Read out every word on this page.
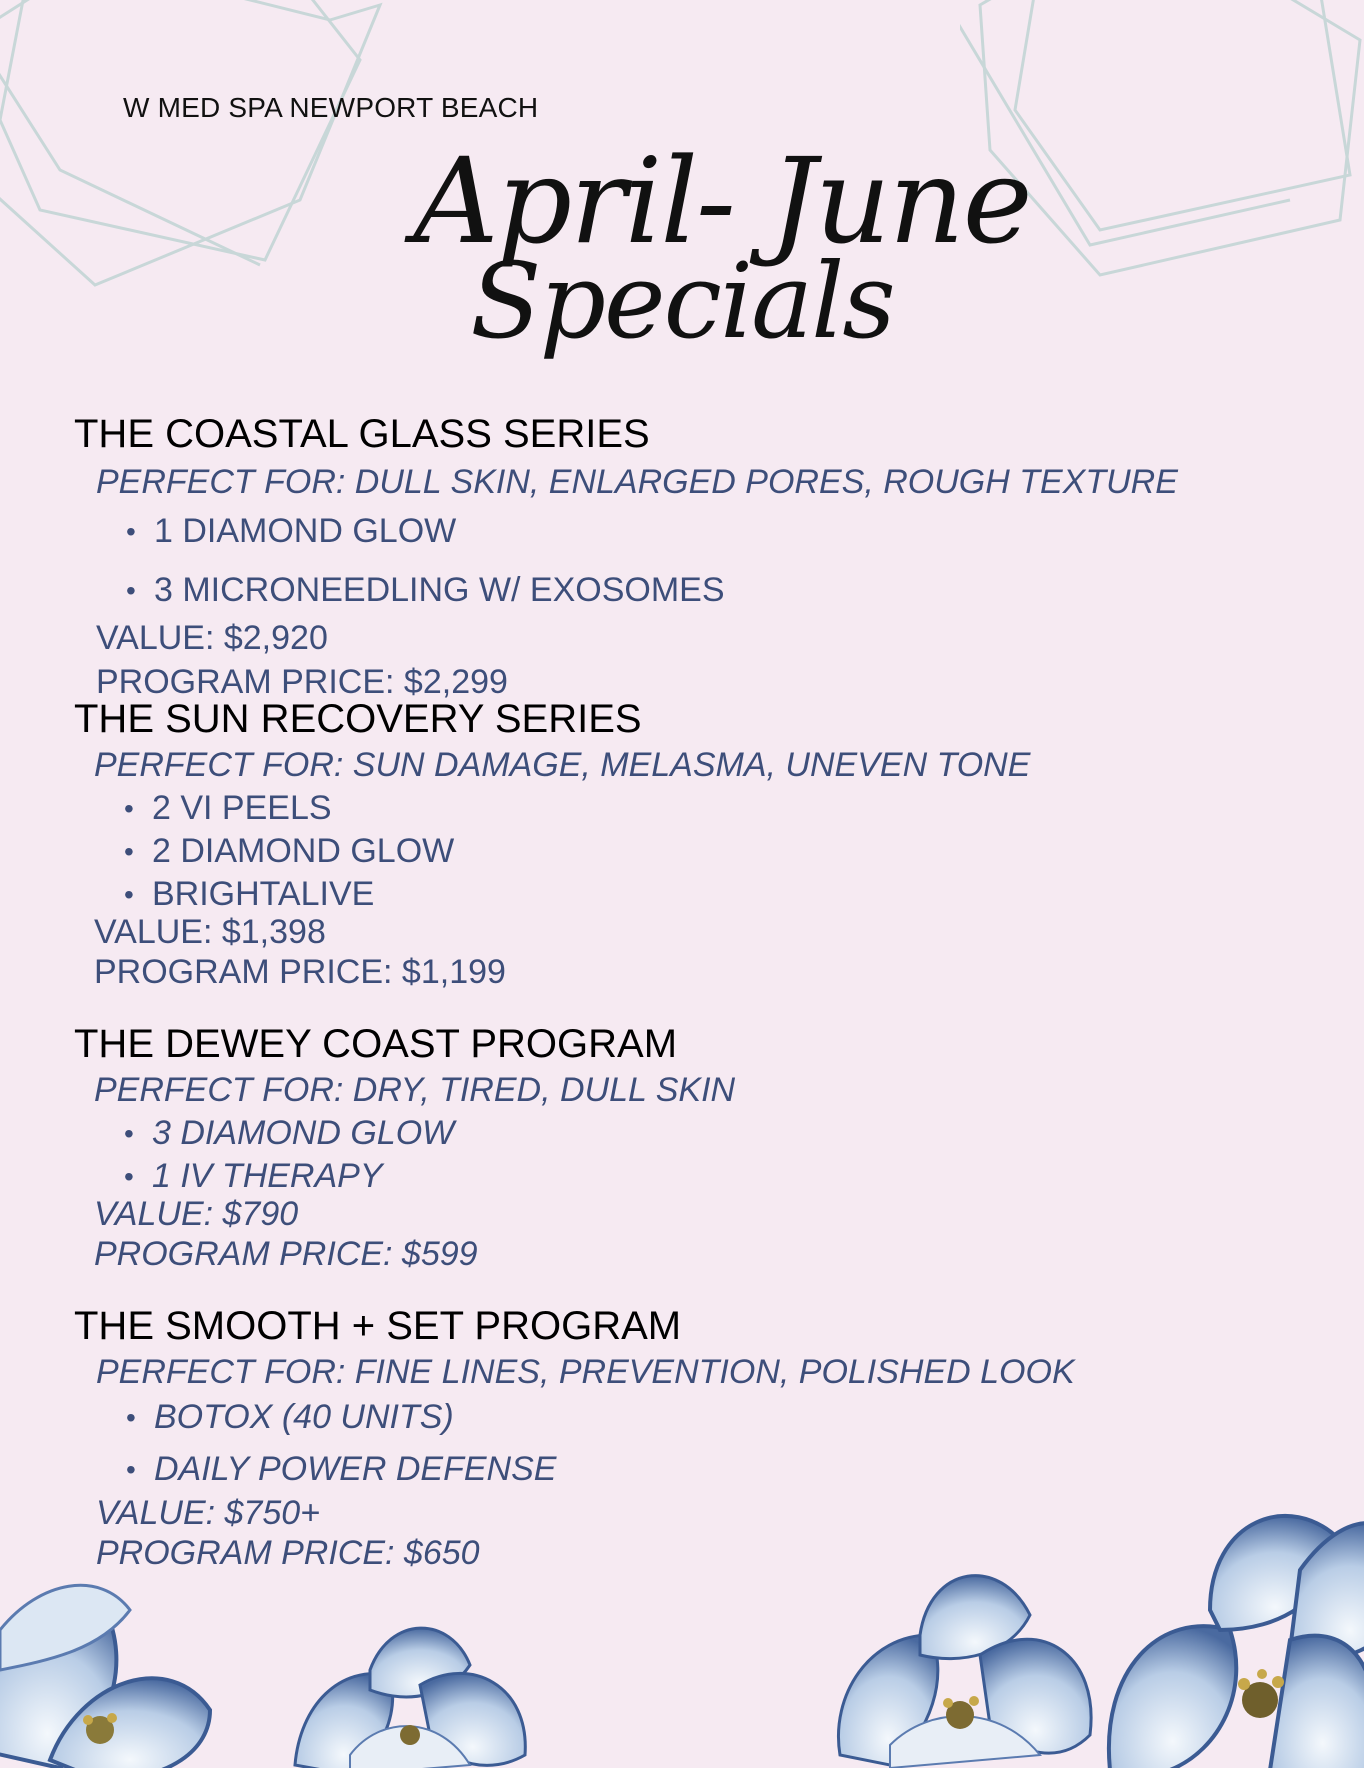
W MED SPA NEWPORT BEACH
April- June
Specials
THE COASTAL GLASS SERIES
PERFECT FOR: DULL SKIN, ENLARGED PORES, ROUGH TEXTURE
• 1 DIAMOND GLOW
• 3 MICRONEEDLING W/ EXOSOMES
VALUE: $2,920
PROGRAM PRICE: $2,299
THE SUN RECOVERY SERIES
PERFECT FOR: SUN DAMAGE, MELASMA, UNEVEN TONE
• 2 VI PEELS
• 2 DIAMOND GLOW
• BRIGHTALIVE
VALUE: $1,398
PROGRAM PRICE: $1,199
THE DEWEY COAST PROGRAM
PERFECT FOR: DRY, TIRED, DULL SKIN
• 3 DIAMOND GLOW
• 1 IV THERAPY
VALUE: $790
PROGRAM PRICE: $599
THE SMOOTH + SET PROGRAM
PERFECT FOR: FINE LINES, PREVENTION, POLISHED LOOK
• BOTOX (40 UNITS)
• DAILY POWER DEFENSE
VALUE: $750+
PROGRAM PRICE: $650
